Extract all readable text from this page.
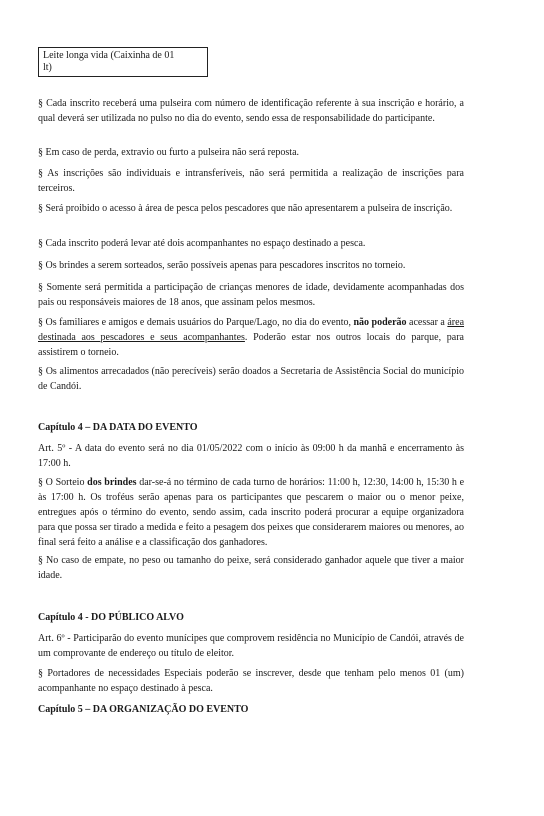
Leite longa vida (Caixinha de 01
lt)

§ Cada inscrito receberá uma pulseira com número de identificação referente à sua inscrição e horário, a qual deverá ser utilizada no pulso no dia do evento, sendo essa de responsabilidade do participante.

§ Em caso de perda, extravio ou furto a pulseira não será reposta.

§ As inscrições são individuais e intransferíveis, não será permitida a realização de inscrições para terceiros.

§ Será proibido o acesso à área de pesca pelos pescadores que não apresentarem a pulseira de inscrição.

§ Cada inscrito poderá levar até dois acompanhantes no espaço destinado a pesca.

§ Os brindes a serem sorteados, serão possíveis apenas para pescadores inscritos no torneio.

§ Somente será permitida a participação de crianças menores de idade, devidamente acompanhadas dos pais ou responsáveis maiores de 18 anos, que assinam pelos mesmos.

§ Os familiares e amigos e demais usuários do Parque/Lago, no dia do evento, não poderão acessar a área destinada aos pescadores e seus acompanhantes. Poderão estar nos outros locais do parque, para assistirem o torneio.

§ Os alimentos arrecadados (não perecíveis) serão doados a Secretaria de Assistência Social do município de Candói.

Capítulo 4 – DA DATA DO EVENTO

Art. 5º - A data do evento será no dia 01/05/2022 com o início às 09:00 h da manhã e encerramento às 17:00 h.

§ O Sorteio dos brindes dar-se-á no término de cada turno de horários: 11:00 h, 12:30, 14:00 h, 15:30 h e às 17:00 h. Os troféus serão apenas para os participantes que pescarem o maior ou o menor peixe, entregues após o término do evento, sendo assim, cada inscrito poderá procurar a equipe organizadora para que possa ser tirado a medida e feito a pesagem dos peixes que considerarem maiores ou menores, ao final será feito a análise e a classificação dos ganhadores.

§ No caso de empate, no peso ou tamanho do peixe, será considerado ganhador aquele que tiver a maior idade.

Capítulo 4 - DO PÚBLICO ALVO

Art. 6º - Participarão do evento munícipes que comprovem residência no Município de Candói, através de um comprovante de endereço ou título de eleitor.

§ Portadores de necessidades Especiais poderão se inscrever, desde que tenham pelo menos 01 (um) acompanhante no espaço destinado à pesca.

Capítulo 5 – DA ORGANIZAÇÃO DO EVENTO
